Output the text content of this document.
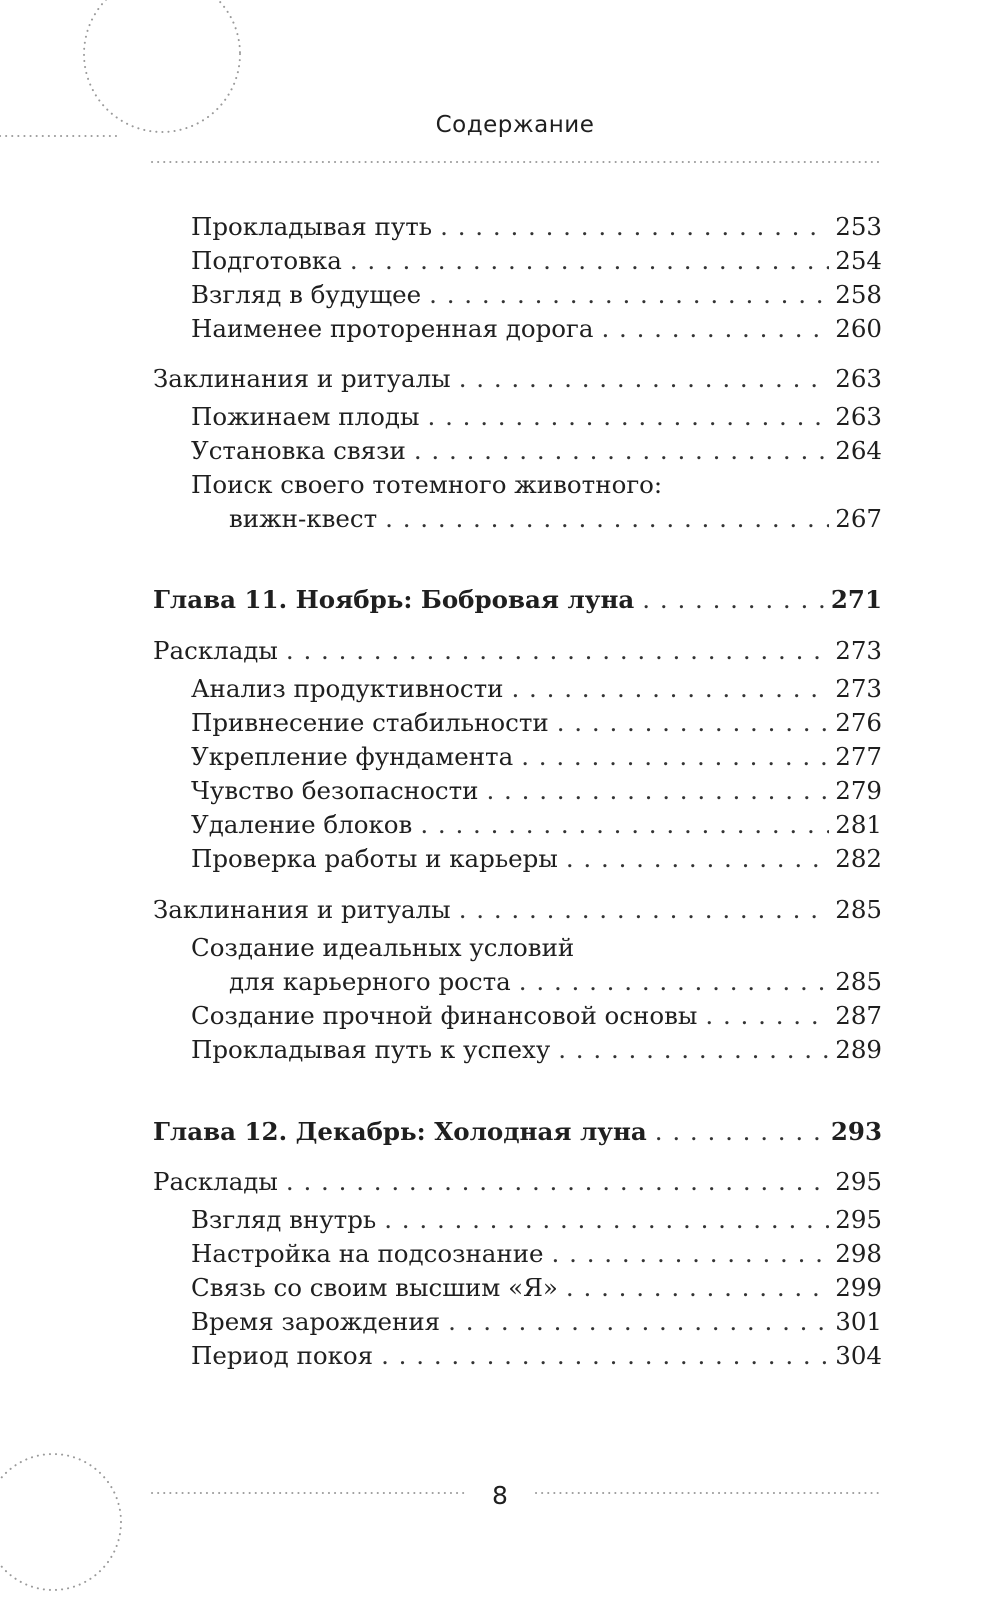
Содержание
Прокладывая путь . . .	253
Подготовка . . .	254
Взгляд в будущее . . .	258
Наименее проторенная дорога . . .	260
Заклинания и ритуалы . . .	263
Пожинаем плоды . . .	263
Установка связи . . .	264
Поиск своего тотемного животного:
вижн-квест . . .	267
Глава 11. Ноябрь: Бобровая луна . . .	271
Расклады . . .	273
Анализ продуктивности . . .	273
Привнесение стабильности . . .	276
Укрепление фундамента . . .	277
Чувство безопасности . . .	279
Удаление блоков . . .	281
Проверка работы и карьеры . . .	282
Заклинания и ритуалы . . .	285
Создание идеальных условий
для карьерного роста . . .	285
Создание прочной финансовой основы . . .	287
Прокладывая путь к успеху . . .	289
Глава 12. Декабрь: Холодная луна . . .	293
Расклады . . .	295
Взгляд внутрь . . .	295
Настройка на подсознание . . .	298
Связь со своим высшим «Я» . . .	299
Время зарождения . . .	301
Период покоя . . .	304
8
